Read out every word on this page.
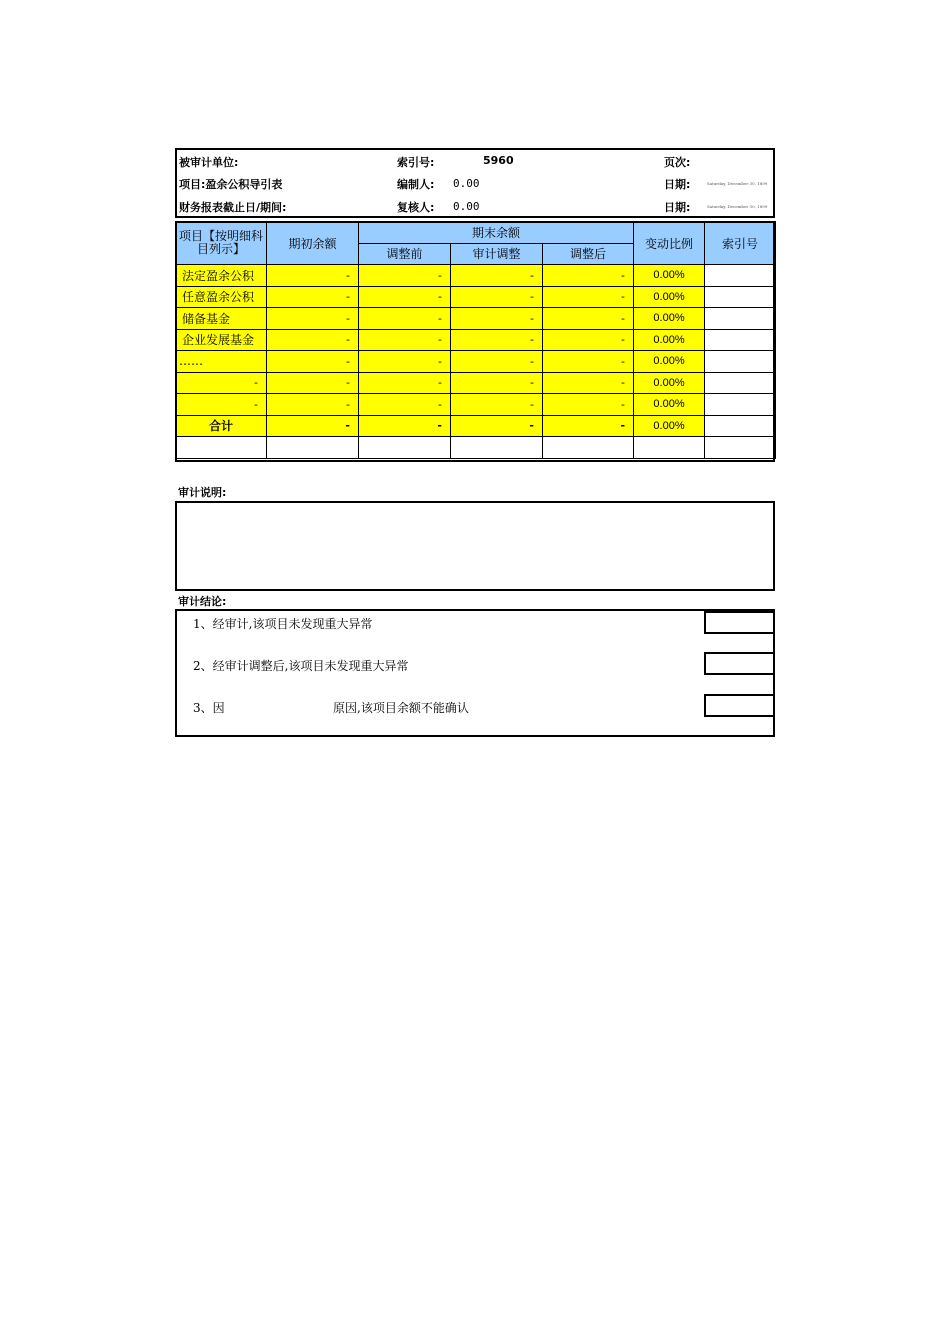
被审计单位:	索引号:	5960	页次:
项目:盈余公积导引表	编制人: 0.00	日期:	Saturday, December 30, 1899
财务报表截止日/期间:	复核人: 0.00	日期:	Saturday, December 30, 1899
项目【按明细科目列示】	期初余额	期末余额			变动比例	索引号
		调整前	审计调整	调整后		
法定盈余公积	-	-	-	-	0.00%	
任意盈余公积	-	-	-	-	0.00%	
储备基金	-	-	-	-	0.00%	
企业发展基金	-	-	-	-	0.00%	
……	-	-	-	-	0.00%	
-	-	-	-	-	0.00%	
-	-	-	-	-	0.00%	
合计	-	-	-	-	0.00%	

审计说明:
审计结论:
1、经审计,该项目未发现重大异常
2、经审计调整后,该项目未发现重大异常
3、因	原因,该项目余额不能确认
